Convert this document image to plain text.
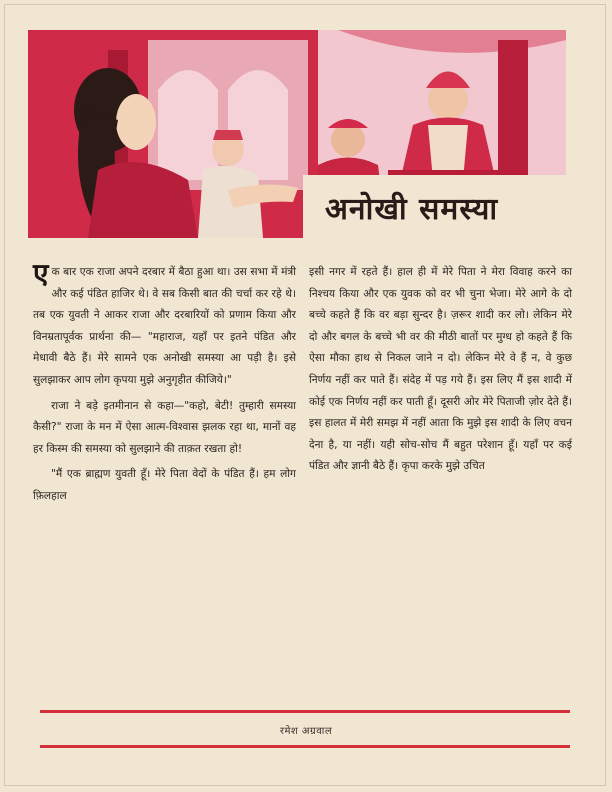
अनोखी समस्या

एक बार एक राजा अपने दरबार में बैठा हुआ था। उस सभा में मंत्री और कई पंडित हाजिर थे। वे सब किसी बात की चर्चा कर रहे थे। तब एक युवती ने आकर राजा और दरबारियों को प्रणाम किया और विनम्रतापूर्वक प्रार्थना की— "महाराज, यहाँ पर इतने पंडित और मेधावी बैठे हैं। मेरे सामने एक अनोखी समस्या आ पड़ी है। इसे सुलझाकर आप लोग कृपया मुझे अनुगृहीत कीजिये।"

राजा ने बड़े इतमीनान से कहा—"कहो, बेटी! तुम्हारी समस्या कैसी?" राजा के मन में ऐसा आत्म-विश्वास झलक रहा था, मानों वह हर किस्म की समस्या को सुलझाने की ताक़त रखता हो!

"मैं एक ब्राह्मण युवती हूँ। मेरे पिता वेदों के पंडित हैं। हम लोग फ़िलहाल

इसी नगर में रहते हैं। हाल ही में मेरे पिता ने मेरा विवाह करने का निश्चय किया और एक युवक को वर भी चुना भेजा। मेरे आगे के दो बच्चे कहते हैं कि वर बड़ा सुन्दर है। ज़रूर शादी कर लो। लेकिन मेरे दो और बगल के बच्चे भी वर की मीठी बातों पर मुग्ध हो कहते हैं कि ऐसा मौका हाथ से निकल जाने न दो। लेकिन मेरे वे हैं न, वे कुछ निर्णय नहीं कर पाते हैं। संदेह में पड़ गये हैं। इस लिए मैं इस शादी में कोई एक निर्णय नहीं कर पाती हूँ। दूसरी ओर मेरे पिताजी ज़ोर देते हैं। इस हालत में मेरी समझ में नहीं आता कि मुझे इस शादी के लिए वचन देना है, या नहीं। यही सोच-सोच मैं बहुत परेशान हूँ। यहाँ पर कई पंडित और ज्ञानी बैठे हैं। कृपा करके मुझे उचित

रमेश अग्रवाल
